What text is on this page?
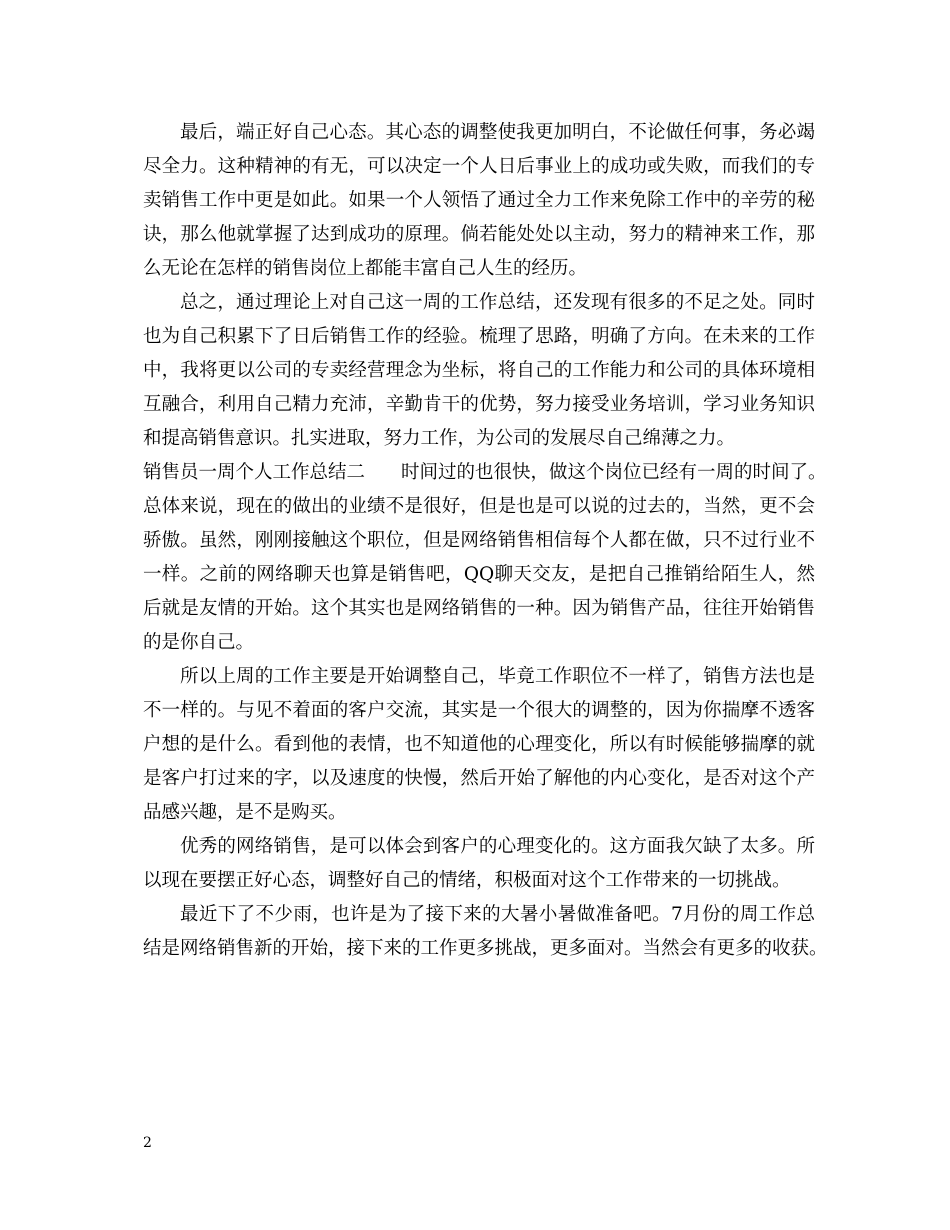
最后，端正好自己心态。其心态的调整使我更加明白，不论做任何事，务必竭
尽全力。这种精神的有无，可以决定一个人日后事业上的成功或失败，而我们的专
卖销售工作中更是如此。如果一个人领悟了通过全力工作来免除工作中的辛劳的秘
诀，那么他就掌握了达到成功的原理。倘若能处处以主动，努力的精神来工作，那
么无论在怎样的销售岗位上都能丰富自己人生的经历。
总之，通过理论上对自己这一周的工作总结，还发现有很多的不足之处。同时
也为自己积累下了日后销售工作的经验。梳理了思路，明确了方向。在未来的工作
中，我将更以公司的专卖经营理念为坐标，将自己的工作能力和公司的具体环境相
互融合，利用自己精力充沛，辛勤肯干的优势，努力接受业务培训，学习业务知识
和提高销售意识。扎实进取，努力工作，为公司的发展尽自己绵薄之力。
销售员一周个人工作总结二 时间过的也很快，做这个岗位已经有一周的时间了。
总体来说，现在的做出的业绩不是很好，但是也是可以说的过去的，当然，更不会
骄傲。虽然，刚刚接触这个职位，但是网络销售相信每个人都在做，只不过行业不
一样。之前的网络聊天也算是销售吧，QQ聊天交友，是把自己推销给陌生人，然
后就是友情的开始。这个其实也是网络销售的一种。因为销售产品，往往开始销售
的是你自己。
所以上周的工作主要是开始调整自己，毕竟工作职位不一样了，销售方法也是
不一样的。与见不着面的客户交流，其实是一个很大的调整的，因为你揣摩不透客
户想的是什么。看到他的表情，也不知道他的心理变化，所以有时候能够揣摩的就
是客户打过来的字，以及速度的快慢，然后开始了解他的内心变化，是否对这个产
品感兴趣，是不是购买。
优秀的网络销售，是可以体会到客户的心理变化的。这方面我欠缺了太多。所
以现在要摆正好心态，调整好自己的情绪，积极面对这个工作带来的一切挑战。
最近下了不少雨，也许是为了接下来的大暑小暑做准备吧。7月份的周工作总
结是网络销售新的开始，接下来的工作更多挑战，更多面对。当然会有更多的收获。
2
